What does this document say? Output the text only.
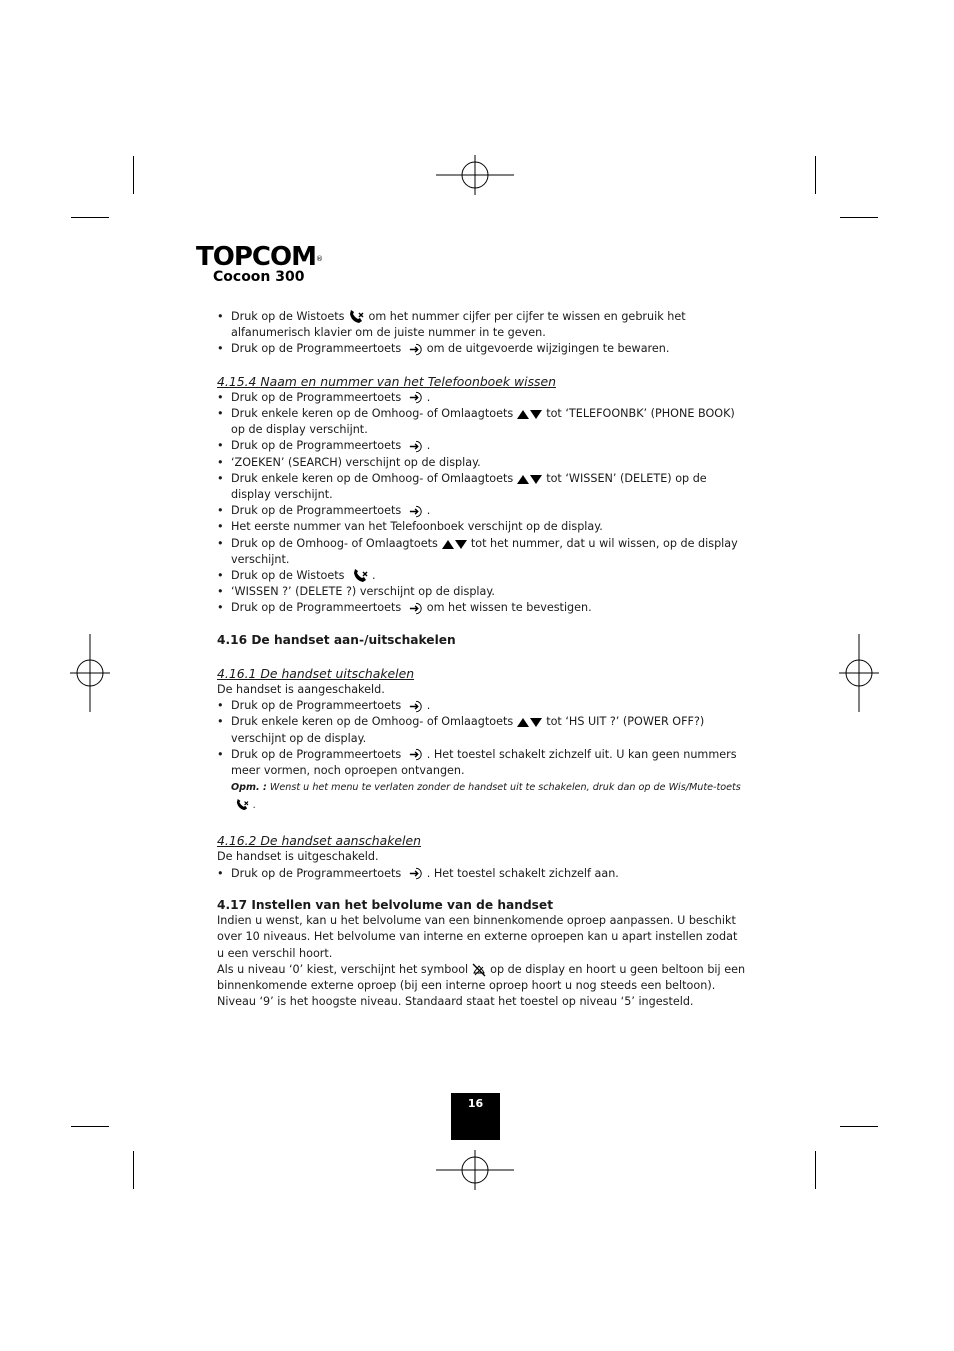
TOPCOM®
Cocoon 300
• Druk op de Wistoets om het nummer cijfer per cijfer te wissen en gebruik het alfanumerisch klavier om de juiste nummer in te geven.
• Druk op de Programmeertoets om de uitgevoerde wijzigingen te bewaren.

4.15.4 Naam en nummer van het Telefoonboek wissen

• Druk op de Programmeertoets .
• Druk enkele keren op de Omhoog- of Omlaagtoets	tot ‘TELEFOONBK’ (PHONE BOOK) op de display verschijnt.
• Druk op de Programmeertoets .
• ‘ZOEKEN’ (SEARCH) verschijnt op de display.
• Druk enkele keren op de Omhoog- of Omlaagtoets	tot ‘WISSEN’ (DELETE) op de display verschijnt.
• Druk op de Programmeertoets .
• Het eerste nummer van het Telefoonboek verschijnt op de display.
• Druk op de Omhoog- of Omlaagtoets	tot het nummer, dat u wil wissen, op de display verschijnt.
• Druk op de Wistoets .
• ‘WISSEN ?’ (DELETE ?) verschijnt op de display.
• Druk op de Programmeertoets om het wissen te bevestigen.

4.16 De handset aan-/uitschakelen

4.16.1 De handset uitschakelen

De handset is aangeschakeld.

• Druk op de Programmeertoets .
• Druk enkele keren op de Omhoog- of Omlaagtoets	tot ‘HS UIT ?’ (POWER OFF?) verschijnt op de display.
• Druk op de Programmeertoets . Het toestel schakelt zichzelf uit. U kan geen nummers meer vormen, noch oproepen ontvangen.
Opm. : Wenst u het menu te verlaten zonder de handset uit te schakelen, druk dan op de Wis/Mute-toets .

4.16.2 De handset aanschakelen

De handset is uitgeschakeld.

• Druk op de Programmeertoets . Het toestel schakelt zichzelf aan.

4.17 Instellen van het belvolume van de handset

Indien u wenst, kan u het belvolume van een binnenkomende oproep aanpassen. U beschikt over 10 niveaus. Het belvolume van interne en externe oproepen kan u apart instellen zodat u een verschil hoort.

Als u niveau ‘0’ kiest, verschijnt het symbool op de display en hoort u geen beltoon bij een binnenkomende externe oproep (bij een interne oproep hoort u nog steeds een beltoon). Niveau ‘9’ is het hoogste niveau. Standaard staat het toestel op niveau ‘5’ ingesteld.

16
